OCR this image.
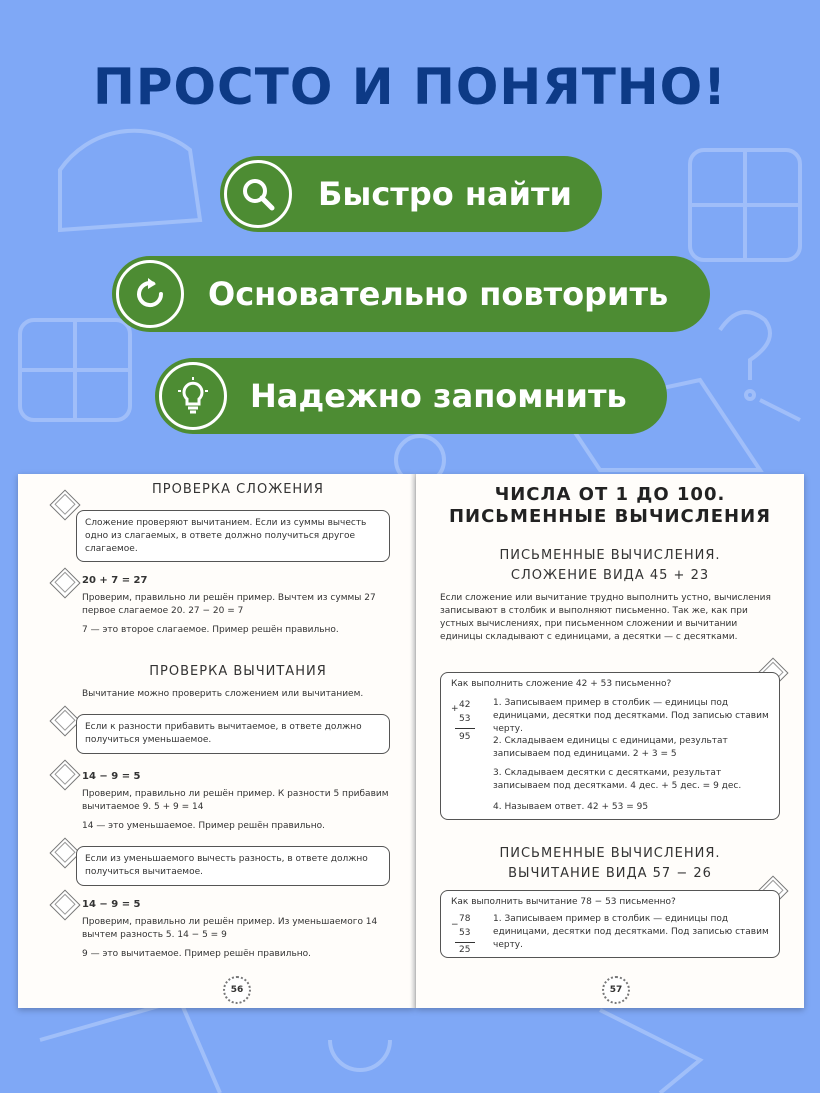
ПРОСТО И ПОНЯТНО!
Быстро найти
Основательно повторить
Надежно запомнить
ПРОВЕРКА СЛОЖЕНИЯ
Сложение проверяют вычитанием. Если из суммы вычесть одно из слагаемых, в ответе должно получиться другое слагаемое.
20 + 7 = 27
Проверим, правильно ли решён пример. Вычтем из суммы 27 первое слагаемое 20. 27 − 20 = 7
7 — это второе слагаемое. Пример решён правильно.
ПРОВЕРКА ВЫЧИТАНИЯ
Вычитание можно проверить сложением или вычитанием.
Если к разности прибавить вычитаемое, в ответе должно получиться уменьшаемое.
14 − 9 = 5
Проверим, правильно ли решён пример. К разности 5 прибавим вычитаемое 9. 5 + 9 = 14
14 — это уменьшаемое. Пример решён правильно.
Если из уменьшаемого вычесть разность, в ответе должно получиться вычитаемое.
14 − 9 = 5
Проверим, правильно ли решён пример. Из уменьшаемого 14 вычтем разность 5. 14 − 5 = 9
9 — это вычитаемое. Пример решён правильно.
56
ЧИСЛА ОТ 1 ДО 100.
ПИСЬМЕННЫЕ ВЫЧИСЛЕНИЯ
ПИСЬМЕННЫЕ ВЫЧИСЛЕНИЯ.
СЛОЖЕНИЕ ВИДА 45 + 23
Если сложение или вычитание трудно выполнить устно, вычисления записывают в столбик и выполняют письменно. Так же, как при устных вычислениях, при письменном сложении и вычитании единицы складывают с единицами, а десятки — с десятками.
Как выполнить сложение 42 + 53 письменно?
+ 42
53
95
1. Записываем пример в столбик — единицы под единицами, десятки под десятками. Под записью ставим черту.
2. Складываем единицы с единицами, результат записываем под единицами. 2 + 3 = 5
3. Складываем десятки с десятками, результат записываем под десятками. 4 дес. + 5 дес. = 9 дес.
4. Называем ответ. 42 + 53 = 95
ПИСЬМЕННЫЕ ВЫЧИСЛЕНИЯ.
ВЫЧИТАНИЕ ВИДА 57 − 26
Как выполнить вычитание 78 − 53 письменно?
−
78
53
25
1. Записываем пример в столбик — единицы под единицами, десятки под десятками. Под записью ставим черту.
57
